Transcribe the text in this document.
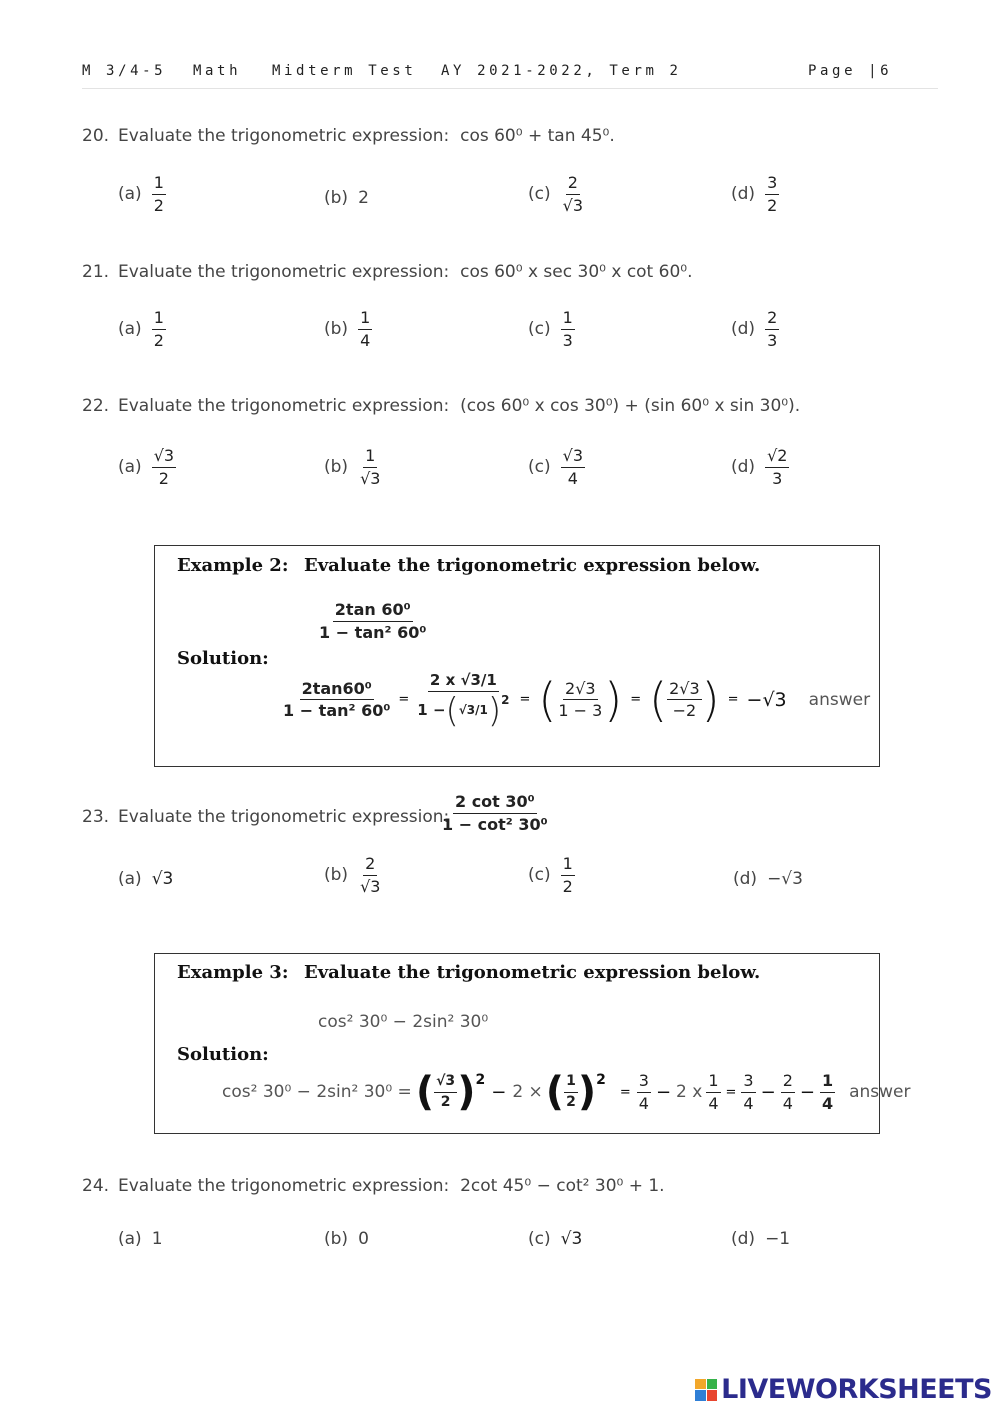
M 3/4-5 Math Midterm Test AY 2021-2022, Term 2	Page |6
20. Evaluate the trigonometric expression: cos 60⁰ + tan 45⁰.
$(a) \frac{1}{2}$	(b) 2	$(c) \frac{2}{√3}$	$(d) \frac{3}{2}$
21. Evaluate the trigonometric expression: cos 60⁰ x sec 30⁰ x cot 60⁰.
$(a) \frac{1}{2}$	$(b) \frac{1}{4}$	$(c) \frac{1}{3}$	$(d) \frac{2}{3}$
22. Evaluate the trigonometric expression: (cos 60⁰ x cos 30⁰) + (sin 60⁰ x sin 30⁰).
$(a) \frac{√3}{2}$	$(b) \frac{1}{√3}$	$(c) \frac{√3}{4}$	$(d) \frac{√2}{3}$
Example 2: Evaluate the trigonometric expression below.
$\frac{\text{2tan 60⁰}}{\text{1 − tan² 60⁰}}$
Solution:
$\frac{\text{2tan60⁰}}{\text{1 − tan² 60⁰}} = \frac{2 x √3/1}{1 - ( √3/1 )^2}$ = ( $\frac{2√3}{1 - 3}$ ) = ( $\frac{2√3}{-2}$ ) = −√3 answer
23. Evaluate the trigonometric expression:
$\frac{\text{2 cot 30⁰}}{\text{1 − cot² 30⁰}}$
(a) √3	$(b) \frac{2}{√3}$	$(c) \frac{1}{2}$	(d) −√3
Example 3: Evaluate the trigonometric expression below.
cos² 30⁰ − 2sin² 30⁰
Solution:
cos² 30⁰ − 2sin² 30⁰ = ( $\frac{√3}{2} )^2$
− 2 × ( $\frac{1}{2} )^2$
= $\frac{3}{4} - 2$ x $\frac{1}{4} = \frac{3}{4} - \frac{2}{4} - \frac{1}{4}$ answer
24. Evaluate the trigonometric expression: 2cot 45⁰ − cot² 30⁰ + 1.
(a) 1	(b) 0	(c) √3	(d) −1
LIVEWORKSHEETS
